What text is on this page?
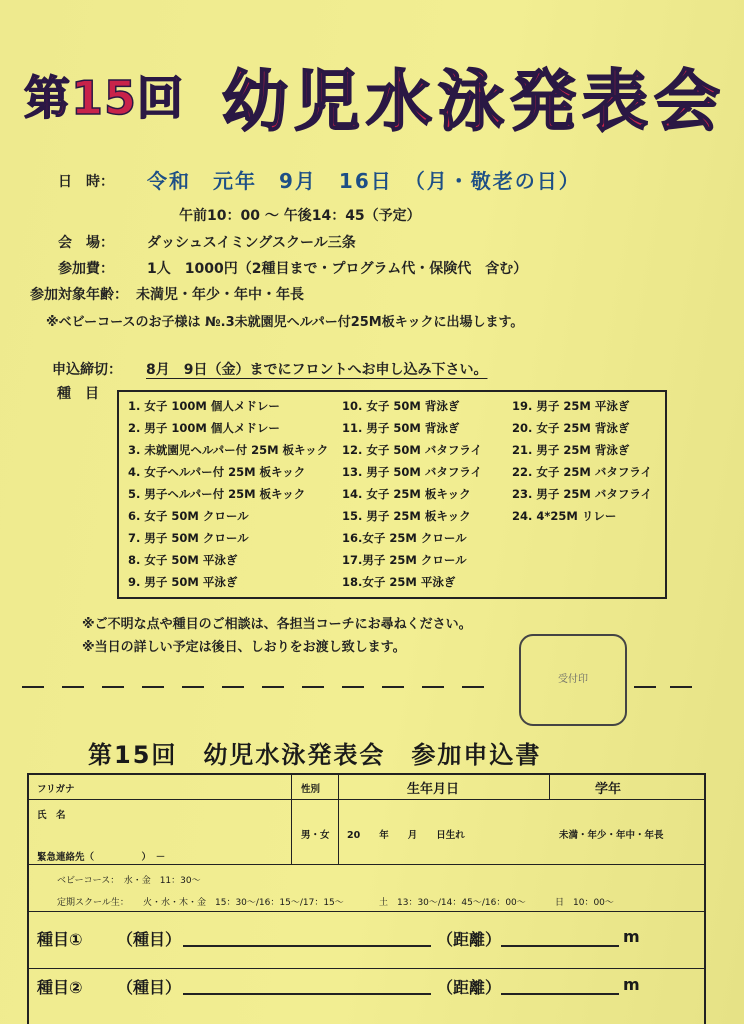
第15回 幼児水泳発表会
日　時： 令和　元年　9月　16日　（月・敬老の日）
午前10：00 ～ 午後14：45（予定）
会　場： ダッシュスイミングスクール三条
参加費： 1人　1000円（2種目まで・プログラム代・保険代　含む）
参加対象年齢： 未満児・年少・年中・年長
※ベビーコースのお子様は №.3未就園児ヘルパー付25M板キックに出場します。
申込締切： 8月　9日（金）までにフロントへお申し込み下さい。
種　目
1. 女子 100M 個人メドレー
2. 男子 100M 個人メドレー
3. 未就園児ヘルパー付 25M 板キック
4. 女子ヘルパー付 25M 板キック
5. 男子ヘルパー付 25M 板キック
6. 女子 50M クロール
7. 男子 50M クロール
8. 女子 50M 平泳ぎ
9. 男子 50M 平泳ぎ
10. 女子 50M 背泳ぎ
11. 男子 50M 背泳ぎ
12. 女子 50M バタフライ
13. 男子 50M バタフライ
14. 女子 25M 板キック
15. 男子 25M 板キック
16.女子 25M クロール
17.男子 25M クロール
18.女子 25M 平泳ぎ
19. 男子 25M 平泳ぎ
20. 女子 25M 背泳ぎ
21. 男子 25M 背泳ぎ
22. 女子 25M バタフライ
23. 男子 25M バタフライ
24. 4*25M リレー
※ご不明な点や種目のご相談は、各担当コーチにお尋ねください。
※当日の詳しい予定は後日、しおりをお渡し致します。
受付印
第15回　幼児水泳発表会　参加申込書
フリガナ	性別	生年月日	学年
氏　名
男・女 20　　年　　月　　日生れ	未満・年少・年中・年長
緊急連絡先（　　　　　）　－
ベビーコース：　水・金　11：30～
定期スクール生： 火・水・木・金　15：30～/16：15～/17：15～	土　13：30～/14：45～/16：00～	日　10：00～
種目① （種目）	（距離）	m
種目② （種目）	（距離）	m
